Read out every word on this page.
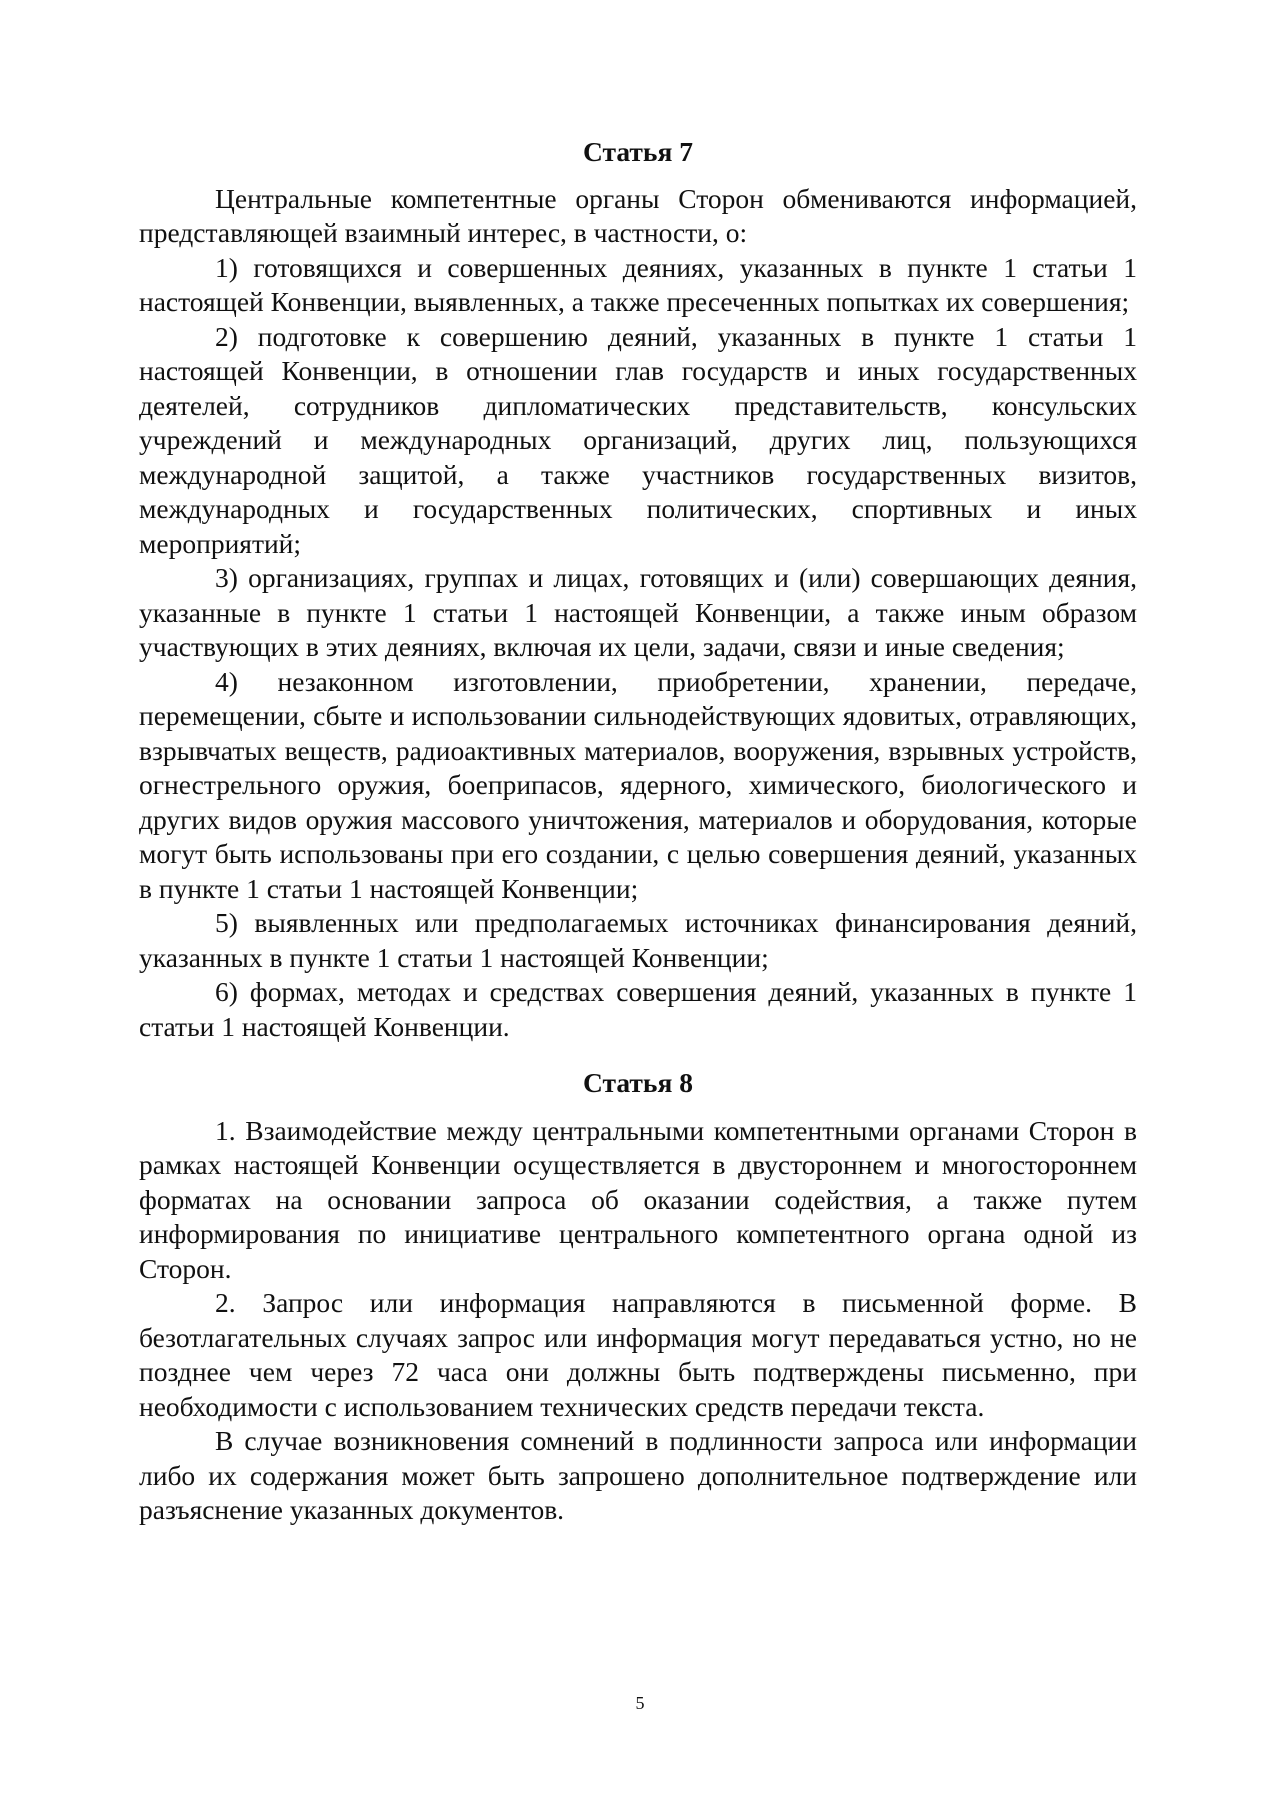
Статья 7

Центральные компетентные органы Сторон обмениваются информацией, представляющей взаимный интерес, в частности, о:

1) готовящихся и совершенных деяниях, указанных в пункте 1 статьи 1 настоящей Конвенции, выявленных, а также пресеченных попытках их совершения;

2) подготовке к совершению деяний, указанных в пункте 1 статьи 1 настоящей Конвенции, в отношении глав государств и иных государственных деятелей, сотрудников дипломатических представительств, консульских учреждений и международных организаций, других лиц, пользующихся международной защитой, а также участников государственных визитов, международных и государственных политических, спортивных и иных мероприятий;

3) организациях, группах и лицах, готовящих и (или) совершающих деяния, указанные в пункте 1 статьи 1 настоящей Конвенции, а также иным образом участвующих в этих деяниях, включая их цели, задачи, связи и иные сведения;

4) незаконном изготовлении, приобретении, хранении, передаче, перемещении, сбыте и использовании сильнодействующих ядовитых, отравляющих, взрывчатых веществ, радиоактивных материалов, вооружения, взрывных устройств, огнестрельного оружия, боеприпасов, ядерного, химического, биологического и других видов оружия массового уничтожения, материалов и оборудования, которые могут быть использованы при его создании, с целью совершения деяний, указанных в пункте 1 статьи 1 настоящей Конвенции;

5) выявленных или предполагаемых источниках финансирования деяний, указанных в пункте 1 статьи 1 настоящей Конвенции;

6) формах, методах и средствах совершения деяний, указанных в пункте 1 статьи 1 настоящей Конвенции.

Статья 8

1. Взаимодействие между центральными компетентными органами Сторон в рамках настоящей Конвенции осуществляется в двустороннем и многостороннем форматах на основании запроса об оказании содействия, а также путем информирования по инициативе центрального компетентного органа одной из Сторон.

2. Запрос или информация направляются в письменной форме. В безотлагательных случаях запрос или информация могут передаваться устно, но не позднее чем через 72 часа они должны быть подтверждены письменно, при необходимости с использованием технических средств передачи текста.

В случае возникновения сомнений в подлинности запроса или информации либо их содержания может быть запрошено дополнительное подтверждение или разъяснение указанных документов.

5
